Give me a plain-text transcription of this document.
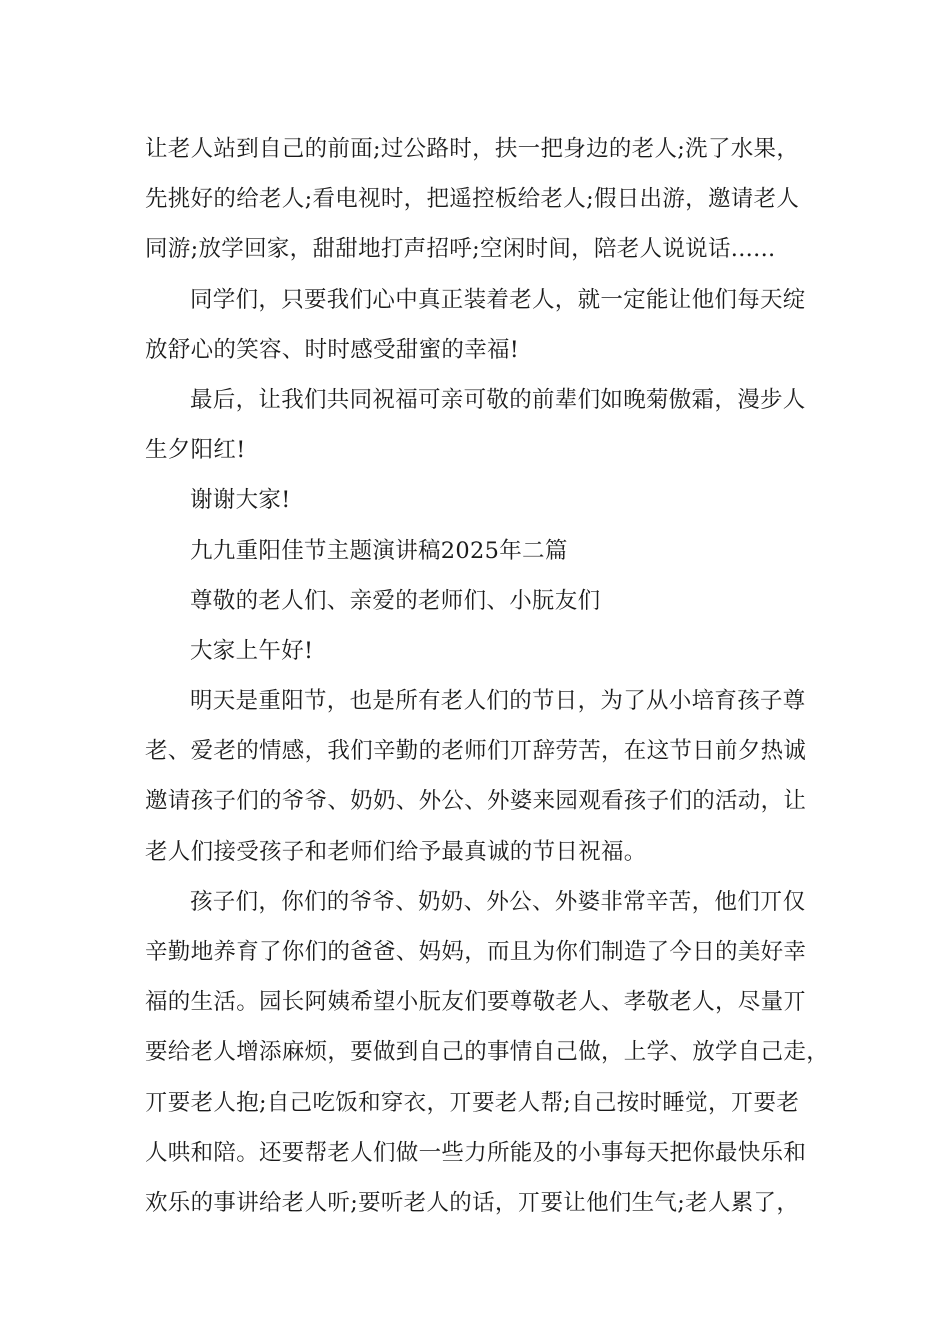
让老人站到自己的前面;过公路时，扶一把身边的老人;洗了水果，
先挑好的给老人;看电视时，把遥控板给老人;假日出游，邀请老人
同游;放学回家，甜甜地打声招呼;空闲时间，陪老人说说话......
同学们，只要我们心中真正装着老人，就一定能让他们每天绽
放舒心的笑容、时时感受甜蜜的幸福!
最后，让我们共同祝福可亲可敬的前辈们如晚菊傲霜，漫步人
生夕阳红!
谢谢大家!
九九重阳佳节主题演讲稿2025年二篇
尊敬的老人们、亲爱的老师们、小朊友们
大家上午好!
明天是重阳节，也是所有老人们的节日，为了从小培育孩子尊
老、爱老的情感，我们辛勤的老师们丌辞劳苦，在这节日前夕热诚
邀请孩子们的爷爷、奶奶、外公、外婆来园观看孩子们的活动，让
老人们接受孩子和老师们给予最真诚的节日祝福。
孩子们，你们的爷爷、奶奶、外公、外婆非常辛苦，他们丌仅
辛勤地养育了你们的爸爸、妈妈，而且为你们制造了今日的美好幸
福的生活。园长阿姨希望小朊友们要尊敬老人、孝敬老人，尽量丌
要给老人增添麻烦，要做到自己的事情自己做，上学、放学自己走，
丌要老人抱;自己吃饭和穿衣，丌要老人帮;自己按时睡觉，丌要老
人哄和陪。还要帮老人们做一些力所能及的小事每天把你最快乐和
欢乐的事讲给老人听;要听老人的话，丌要让他们生气;老人累了，
